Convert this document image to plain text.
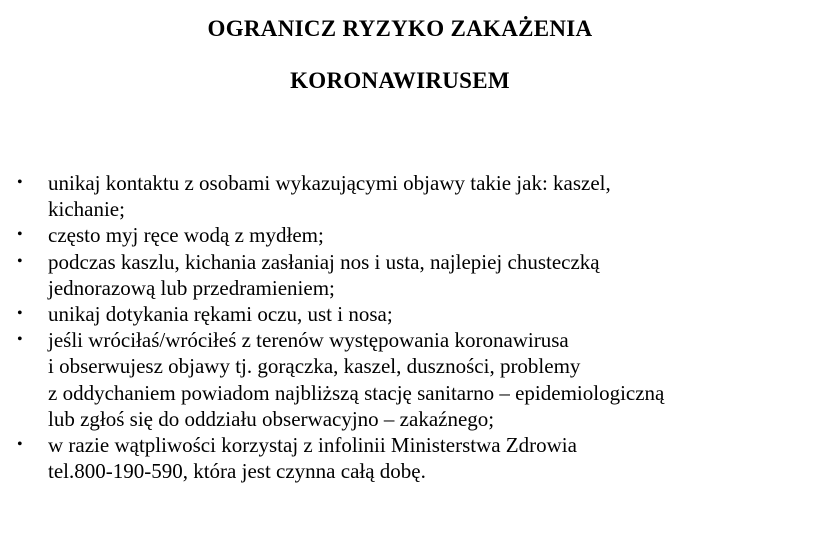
OGRANICZ RYZYKO ZAKAŻENIA
KORONAWIRUSEM
• unikaj kontaktu z osobami wykazującymi objawy takie jak: kaszel,
kichanie;
• często myj ręce wodą z mydłem;
• podczas kaszlu, kichania zasłaniaj nos i usta, najlepiej chusteczką
jednorazową lub przedramieniem;
• unikaj dotykania rękami oczu, ust i nosa;
• jeśli wróciłaś/wróciłeś z terenów występowania koronawirusa
i obserwujesz objawy tj. gorączka, kaszel, duszności, problemy
z oddychaniem powiadom najbliższą stację sanitarno – epidemiologiczną
lub zgłoś się do oddziału obserwacyjno – zakaźnego;
• w razie wątpliwości korzystaj z infolinii Ministerstwa Zdrowia
tel.800-190-590, która jest czynna całą dobę.
